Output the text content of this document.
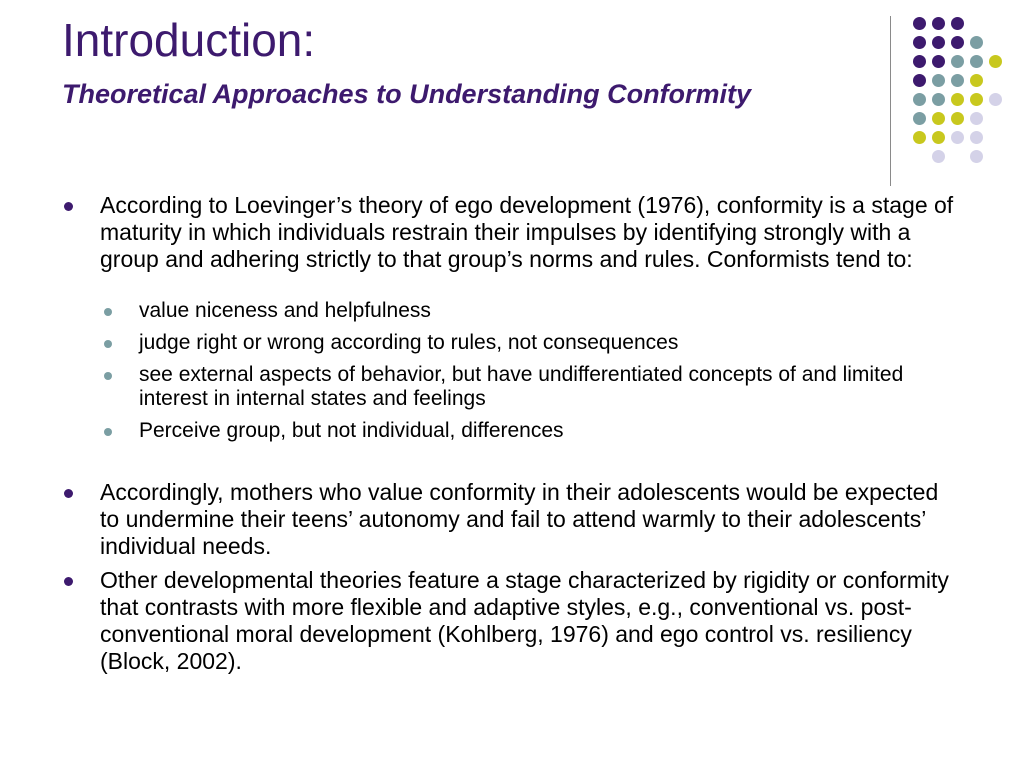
Introduction:
Theoretical Approaches to Understanding Conformity

According to Loevinger’s theory of ego development (1976), conformity is a stage of maturity in which individuals restrain their impulses by identifying strongly with a group and adhering strictly to that group’s norms and rules. Conformists tend to:

value niceness and helpfulness

judge right or wrong according to rules, not consequences

see external aspects of behavior, but have undifferentiated concepts of and limited interest in internal states and feelings

Perceive group, but not individual, differences

Accordingly, mothers who value conformity in their adolescents would be expected to undermine their teens’ autonomy and fail to attend warmly to their adolescents’ individual needs.

Other developmental theories feature a stage characterized by rigidity or conformity that contrasts with more flexible and adaptive styles, e.g., conventional vs. post-conventional moral development (Kohlberg, 1976) and ego control vs. resiliency (Block, 2002).
